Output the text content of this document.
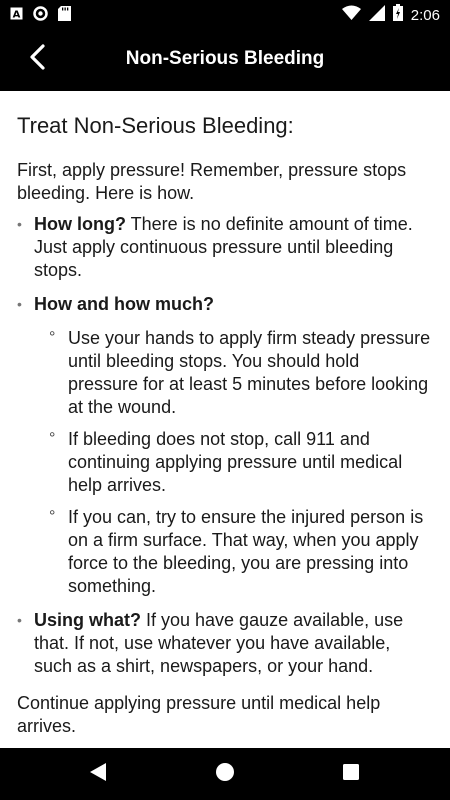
A	2:06
Non-Serious Bleeding
Treat Non-Serious Bleeding:

First, apply pressure! Remember, pressure stops bleeding. Here is how.

• How long? There is no definite amount of time. Just apply continuous pressure until bleeding stops.
• How and how much?
° Use your hands to apply firm steady pressure until bleeding stops. You should hold pressure for at least 5 minutes before looking at the wound.
° If bleeding does not stop, call 911 and continuing applying pressure until medical help arrives.
° If you can, try to ensure the injured person is on a firm surface. That way, when you apply force to the bleeding, you are pressing into something.
• Using what? If you have gauze available, use that. If not, use whatever you have available, such as a shirt, newspapers, or your hand.

Continue applying pressure until medical help arrives.
